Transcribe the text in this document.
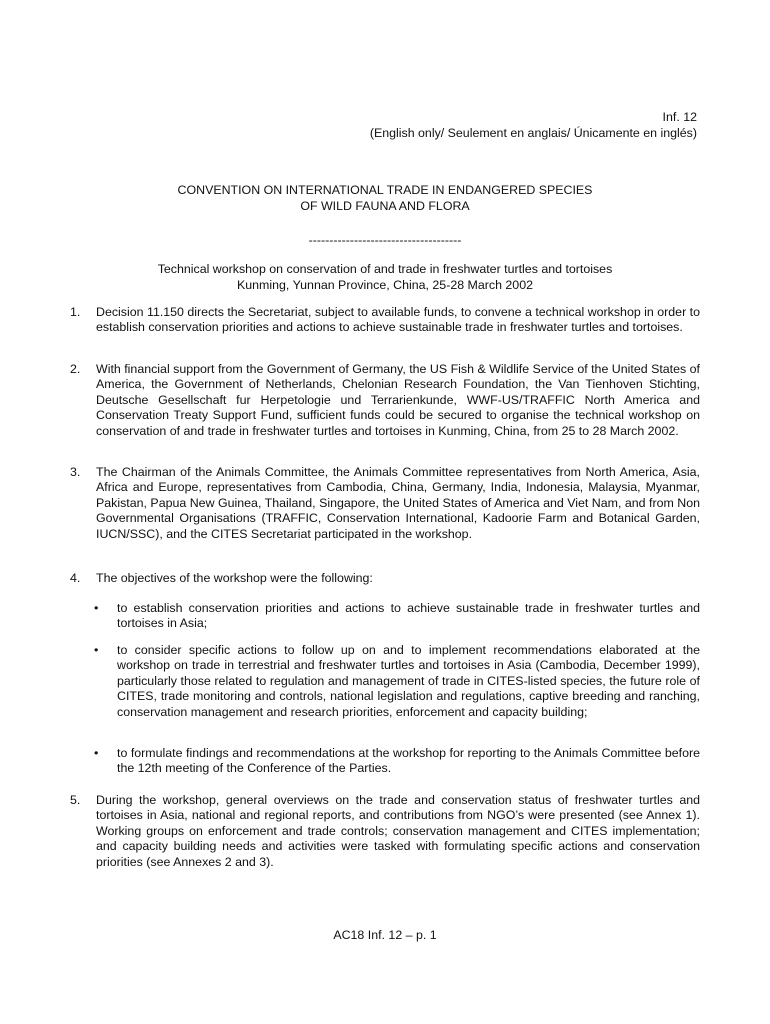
Inf. 12
(English only/ Seulement en anglais/ Únicamente en inglés)
CONVENTION ON INTERNATIONAL TRADE IN ENDANGERED SPECIES
OF WILD FAUNA AND FLORA
-------------------------------------
Technical workshop on conservation of and trade in freshwater turtles and tortoises
Kunming, Yunnan Province, China, 25-28 March 2002
1.	Decision 11.150 directs the Secretariat, subject to available funds, to convene a technical workshop in order to establish conservation priorities and actions to achieve sustainable trade in freshwater turtles and tortoises.
2.	With financial support from the Government of Germany, the US Fish & Wildlife Service of the United States of America, the Government of Netherlands, Chelonian Research Foundation, the Van Tienhoven Stichting, Deutsche Gesellschaft fur Herpetologie und Terrarienkunde, WWF-US/TRAFFIC North America and Conservation Treaty Support Fund, sufficient funds could be secured to organise the technical workshop on conservation of and trade in freshwater turtles and tortoises in Kunming, China, from 25 to 28 March 2002.
3.	The Chairman of the Animals Committee, the Animals Committee representatives from North America, Asia, Africa and Europe, representatives from Cambodia, China, Germany, India, Indonesia, Malaysia, Myanmar, Pakistan, Papua New Guinea, Thailand, Singapore, the United States of America and Viet Nam, and from Non Governmental Organisations (TRAFFIC, Conservation International, Kadoorie Farm and Botanical Garden, IUCN/SSC), and the CITES Secretariat participated in the workshop.
4.	The objectives of the workshop were the following:
•	to establish conservation priorities and actions to achieve sustainable trade in freshwater turtles and tortoises in Asia;
•	to consider specific actions to follow up on and to implement recommendations elaborated at the workshop on trade in terrestrial and freshwater turtles and tortoises in Asia (Cambodia, December 1999), particularly those related to regulation and management of trade in CITES-listed species, the future role of CITES, trade monitoring and controls, national legislation and regulations, captive breeding and ranching, conservation management and research priorities, enforcement and capacity building;
•	to formulate findings and recommendations at the workshop for reporting to the Animals Committee before the 12th meeting of the Conference of the Parties.
5.	During the workshop, general overviews on the trade and conservation status of freshwater turtles and tortoises in Asia, national and regional reports, and contributions from NGO’s were presented (see Annex 1). Working groups on enforcement and trade controls; conservation management and CITES implementation; and capacity building needs and activities were tasked with formulating specific actions and conservation priorities (see Annexes 2 and 3).
AC18 Inf. 12 – p. 1
